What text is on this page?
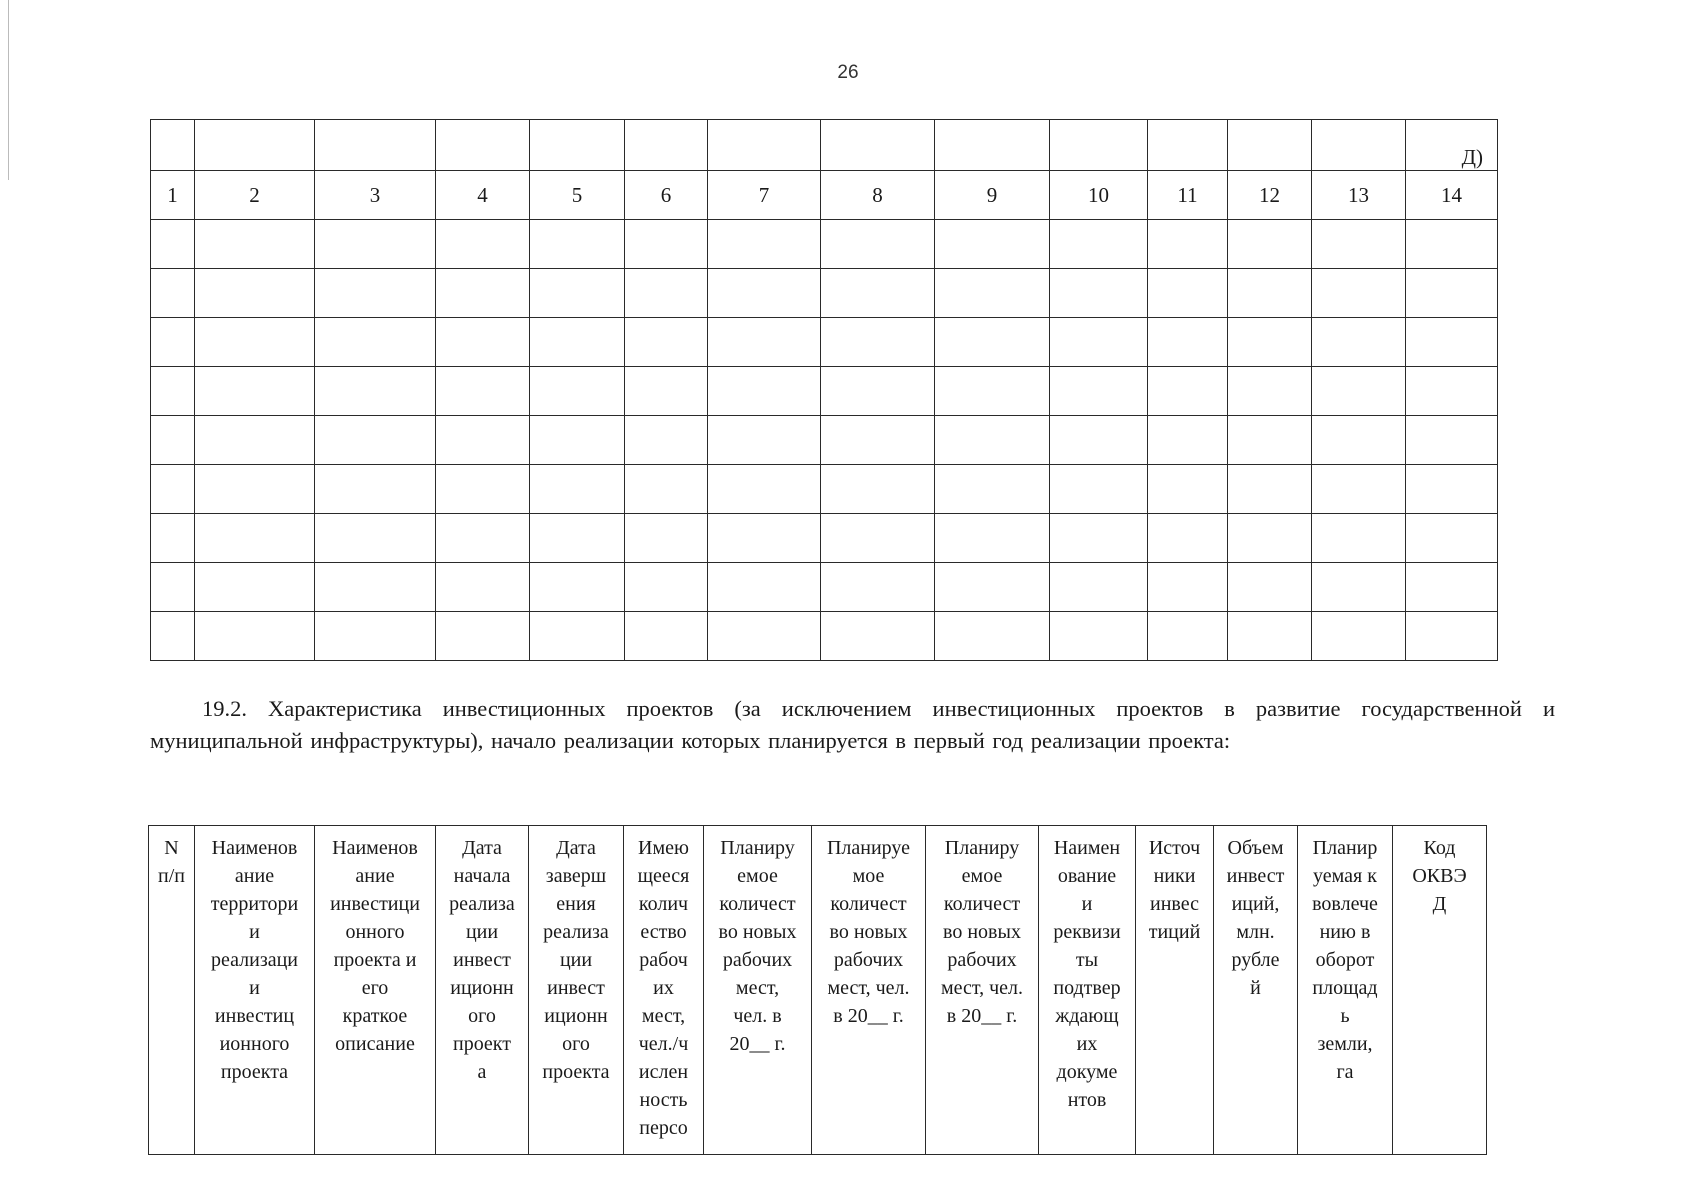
26
													Д)
1	2	3	4	5	6	7	8	9	10	11	12	13	14

19.2. Характеристика инвестиционных проектов (за исключением инвестиционных проектов в развитие государственной и муниципальной инфраструктуры), начало реализации которых планируется в первый год реализации проекта:
N
п/п

Наименов
ание
территори
и
реализаци
и
инвестиц
ионного
проекта

Наименов
ание
инвестици
онного
проекта и
его
краткое
описание

Дата
начала
реализа
ции
инвест
иционн
ого
проект
а

Дата
заверш
ения
реализа
ции
инвест
иционн
ого
проекта

Имею
щееся
колич
ество
рабоч
их
мест,
чел./ч
ислен
ность
персо

Планиру
емое
количест
во новых
рабочих
мест,
чел. в
20__ г.

Планируе
мое
количест
во новых
рабочих
мест, чел.
в 20__ г.

Планиру
емое
количест
во новых
рабочих
мест, чел.
в 20__ г.

Наимен
ование
и
реквизи
ты
подтвер
ждающ
их
докуме
нтов

Источ
ники
инвес
тиций

Объем
инвест
иций,
млн.
рубле
й

Планир
уемая к
вовлече
нию в
оборот
площад
ь
земли,
га

Код
ОКВЭ
Д
